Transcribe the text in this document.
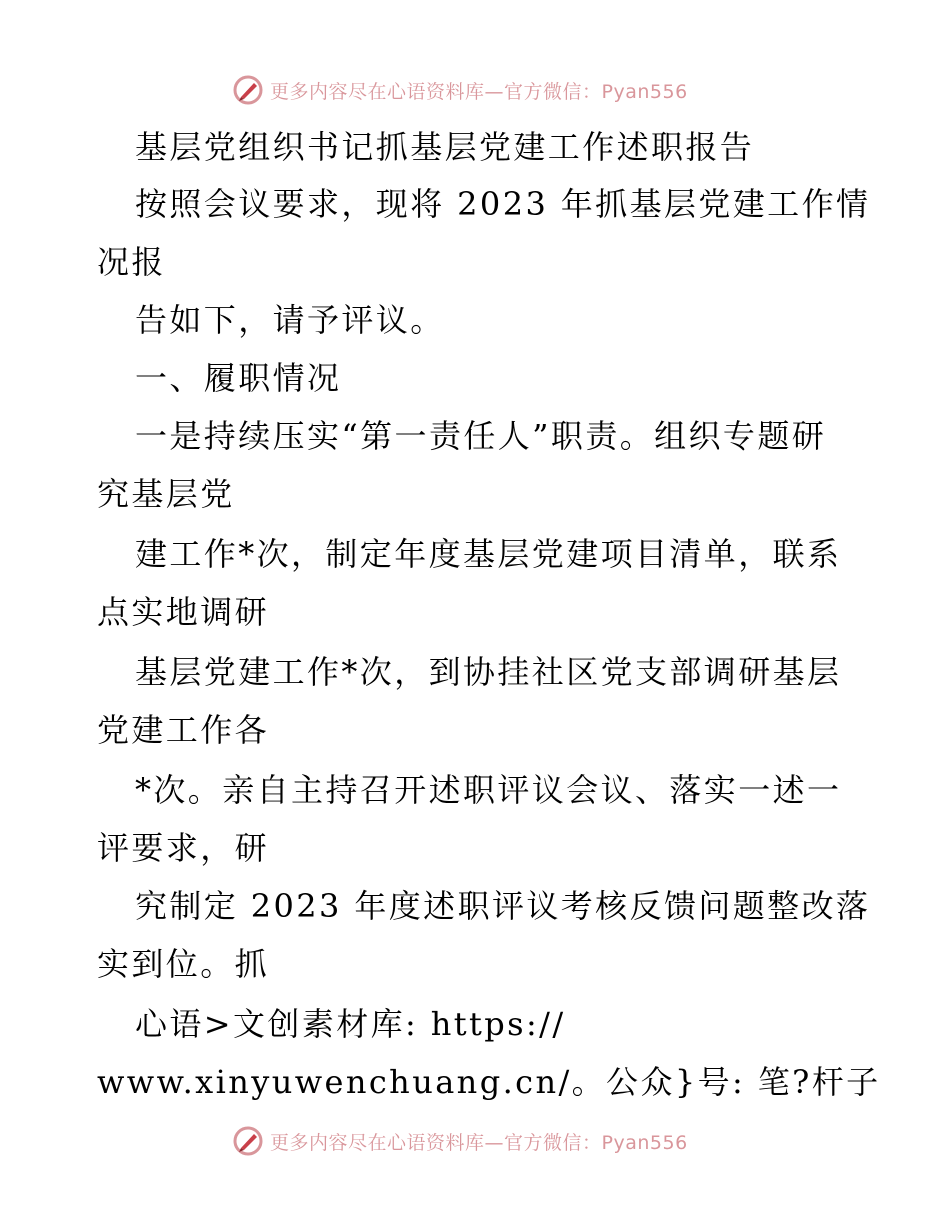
更多内容尽在心语资料库—官方微信：Pyan556
基层党组织书记抓基层党建工作述职报告
按照会议要求，现将 2023 年抓基层党建工作情
况报
告如下，请予评议。
一、履职情况
一是持续压实“第一责任人”职责。组织专题研
究基层党
建工作*次，制定年度基层党建项目清单，联系
点实地调研
基层党建工作*次，到协挂社区党支部调研基层
党建工作各
*次。亲自主持召开述职评议会议、落实一述一
评要求，研
究制定 2023 年度述职评议考核反馈问题整改落
实到位。抓
心语>文创素材库: https://
www.xinyuwenchuang.cn/。公众}号: 笔?杆子
更多内容尽在心语资料库—官方微信：Pyan556
